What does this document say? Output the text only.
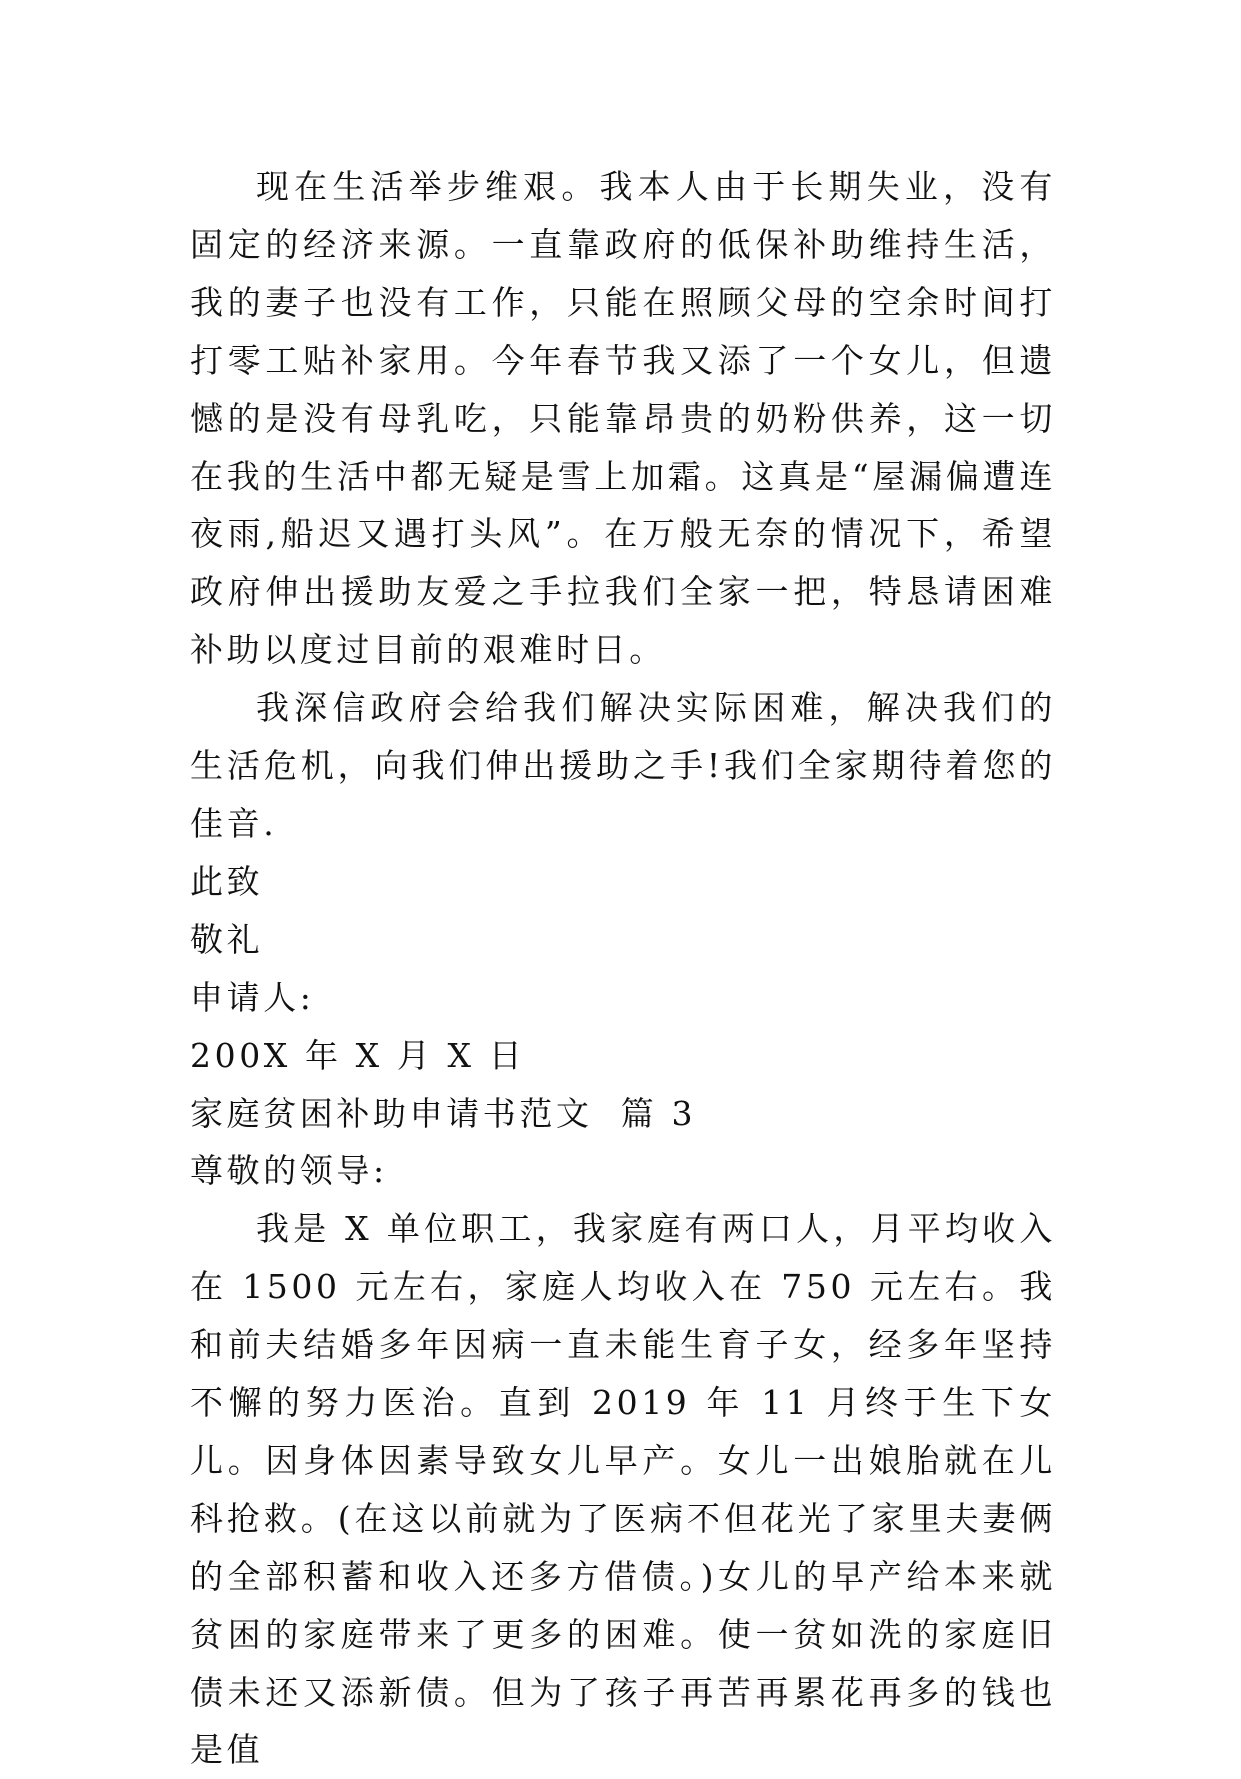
现在生活举步维艰。我本人由于长期失业，没有固定的经济来源。一直靠政府的低保补助维持生活，我的妻子也没有工作，只能在照顾父母的空余时间打打零工贴补家用。今年春节我又添了一个女儿，但遗憾的是没有母乳吃，只能靠昂贵的奶粉供养，这一切在我的生活中都无疑是雪上加霜。这真是“屋漏偏遭连夜雨,船迟又遇打头风”。在万般无奈的情况下，希望政府伸出援助友爱之手拉我们全家一把，特恳请困难补助以度过目前的艰难时日。

我深信政府会给我们解决实际困难，解决我们的生活危机，向我们伸出援助之手!我们全家期待着您的佳音.

此致

敬礼

申请人:

200X 年 X 月 X 日

家庭贫困补助申请书范文  篇 3

尊敬的领导:

我是 X 单位职工，我家庭有两口人，月平均收入在 1500 元左右，家庭人均收入在 750 元左右。我和前夫结婚多年因病一直未能生育子女，经多年坚持不懈的努力医治。直到 2019 年 11 月终于生下女儿。因身体因素导致女儿早产。女儿一出娘胎就在儿科抢救。(在这以前就为了医病不但花光了家里夫妻俩的全部积蓄和收入还多方借债。)女儿的早产给本来就贫困的家庭带来了更多的困难。使一贫如洗的家庭旧债未还又添新债。但为了孩子再苦再累花再多的钱也是值
